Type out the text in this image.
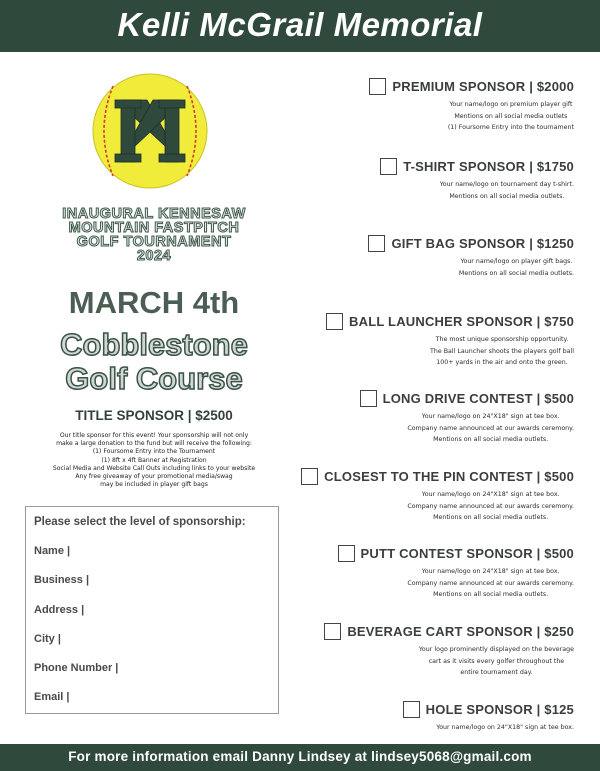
Kelli McGrail Memorial
INAUGURAL KENNESAW
MOUNTAIN FASTPITCH
GOLF TOURNAMENT
2024
MARCH 4th
Cobblestone
Golf Course
TITLE SPONSOR | $2500
Our title sponsor for this event! Your sponsorship will not only
make a large donation to the fund but will receive the following:
(1) Foursome Entry into the Tournament
(1) 8ft x 4ft Banner at Registration
Social Media and Website Call Outs including links to your website
Any free giveaway of your promotional media/swag
may be included in player gift bags
Please select the level of sponsorship:
Name |
Business |
Address |
City |
Phone Number |
Email |
PREMIUM SPONSOR | $2000
Your name/logo on premium player gift
Mentions on all social media outlets
(1) Foursome Entry into the tournament
T-SHIRT SPONSOR | $1750
Your name/logo on tournament day t-shirt.
Mentions on all social media outlets.
GIFT BAG SPONSOR | $1250
Your name/logo on player gift bags.
Mentions on all social media outlets.
BALL LAUNCHER SPONSOR | $750
The most unique sponsorship opportunity.
The Ball Launcher shoots the players golf ball
100+ yards in the air and onto the green.
LONG DRIVE CONTEST | $500
Your name/logo on 24"X18" sign at tee box.
Company name announced at our awards ceremony.
Mentions on all social media outlets.
CLOSEST TO THE PIN CONTEST | $500
Your name/logo on 24"X18" sign at tee box.
Company name announced at our awards ceremony.
Mentions on all social media outlets.
PUTT CONTEST SPONSOR | $500
Your name/logo on 24"X18" sign at tee box.
Company name announced at our awards ceremony.
Mentions on all social media outlets.
BEVERAGE CART SPONSOR | $250
Your logo prominently displayed on the beverage
cart as it visits every golfer throughout the
entire tournament day.
HOLE SPONSOR | $125
Your name/logo on 24"X18" sign at tee box.
For more information email Danny Lindsey at lindsey5068@gmail.com
